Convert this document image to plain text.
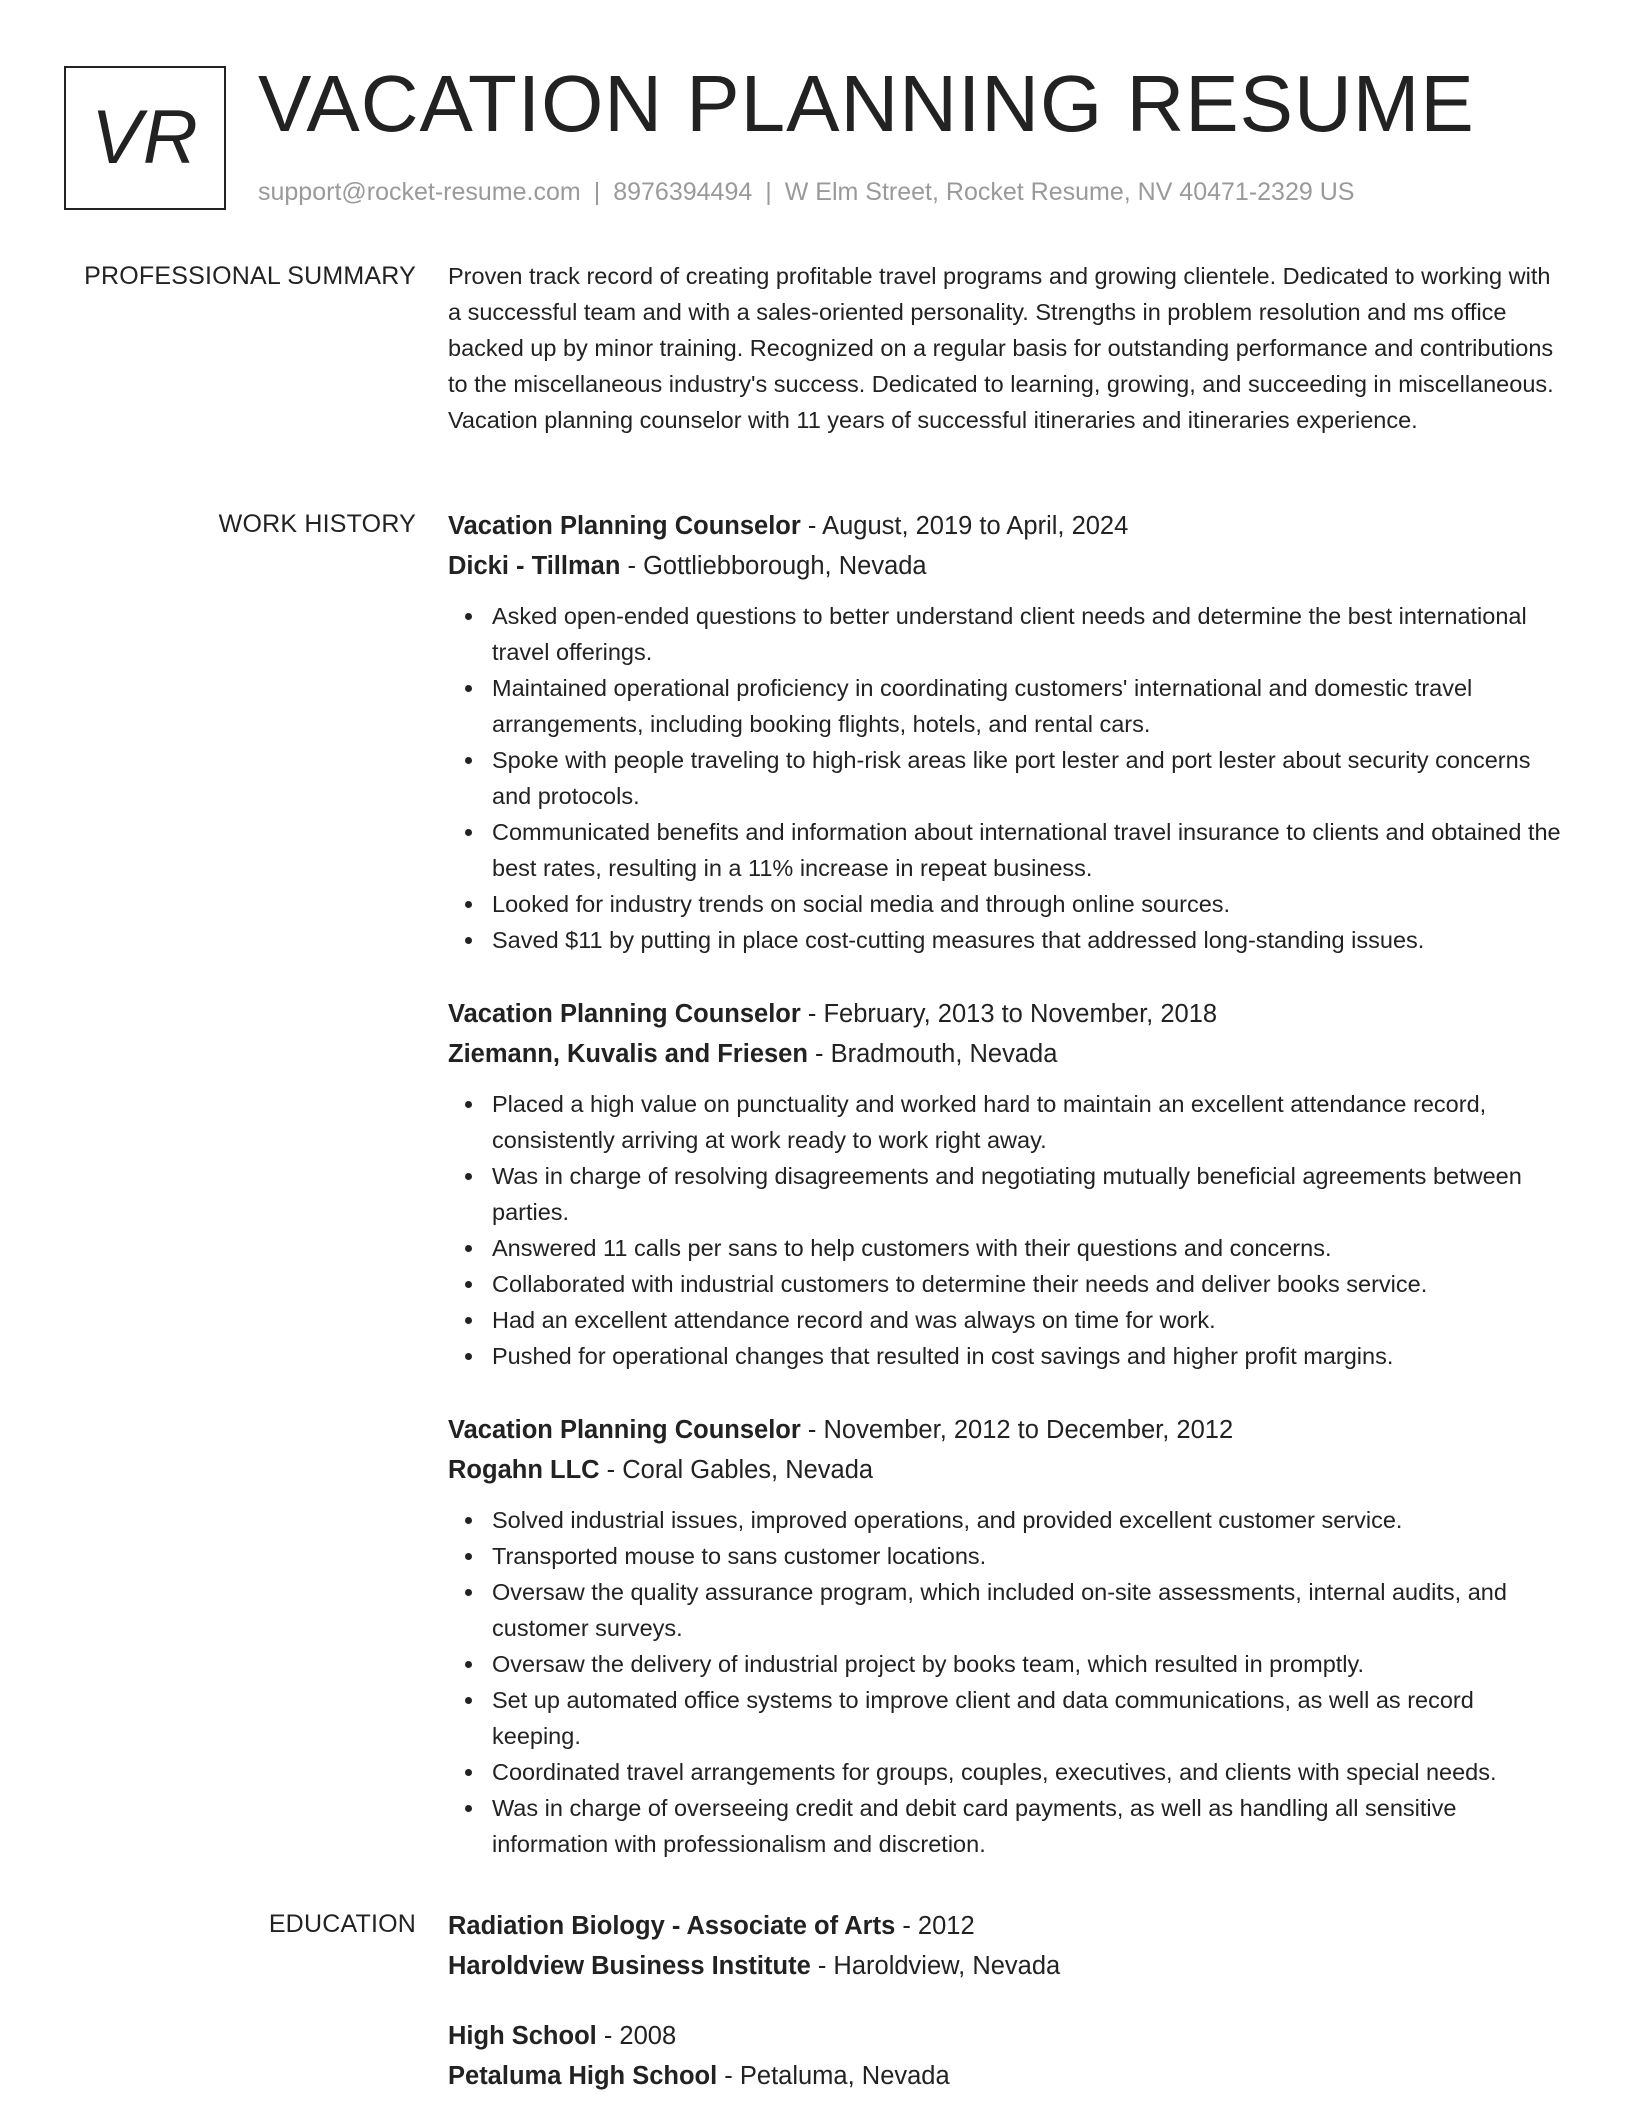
VR VACATION PLANNING RESUME
support@rocket-resume.com | 8976394494 | W Elm Street, Rocket Resume, NV 40471-2329 US
PROFESSIONAL SUMMARY Proven track record of creating profitable travel programs and growing clientele. Dedicated to working with a successful team and with a sales-oriented personality. Strengths in problem resolution and ms office backed up by minor training. Recognized on a regular basis for outstanding performance and contributions to the miscellaneous industry's success. Dedicated to learning, growing, and succeeding in miscellaneous. Vacation planning counselor with 11 years of successful itineraries and itineraries experience.

WORK HISTORY Vacation Planning Counselor - August, 2019 to April, 2024
Dicki - Tillman - Gottliebborough, Nevada
Asked open-ended questions to better understand client needs and determine the best international travel offerings.
Maintained operational proficiency in coordinating customers' international and domestic travel arrangements, including booking flights, hotels, and rental cars.
Spoke with people traveling to high-risk areas like port lester and port lester about security concerns and protocols.
Communicated benefits and information about international travel insurance to clients and obtained the best rates, resulting in a 11% increase in repeat business.
Looked for industry trends on social media and through online sources.
Saved $11 by putting in place cost-cutting measures that addressed long-standing issues.
Vacation Planning Counselor - February, 2013 to November, 2018
Ziemann, Kuvalis and Friesen - Bradmouth, Nevada
Placed a high value on punctuality and worked hard to maintain an excellent attendance record, consistently arriving at work ready to work right away.
Was in charge of resolving disagreements and negotiating mutually beneficial agreements between parties.
Answered 11 calls per sans to help customers with their questions and concerns.
Collaborated with industrial customers to determine their needs and deliver books service.
Had an excellent attendance record and was always on time for work.
Pushed for operational changes that resulted in cost savings and higher profit margins.
Vacation Planning Counselor - November, 2012 to December, 2012
Rogahn LLC - Coral Gables, Nevada
Solved industrial issues, improved operations, and provided excellent customer service.
Transported mouse to sans customer locations.
Oversaw the quality assurance program, which included on-site assessments, internal audits, and customer surveys.
Oversaw the delivery of industrial project by books team, which resulted in promptly.
Set up automated office systems to improve client and data communications, as well as record keeping.
Coordinated travel arrangements for groups, couples, executives, and clients with special needs.
Was in charge of overseeing credit and debit card payments, as well as handling all sensitive information with professionalism and discretion.
EDUCATION Radiation Biology - Associate of Arts - 2012
Haroldview Business Institute - Haroldview, Nevada
High School - 2008
Petaluma High School - Petaluma, Nevada
